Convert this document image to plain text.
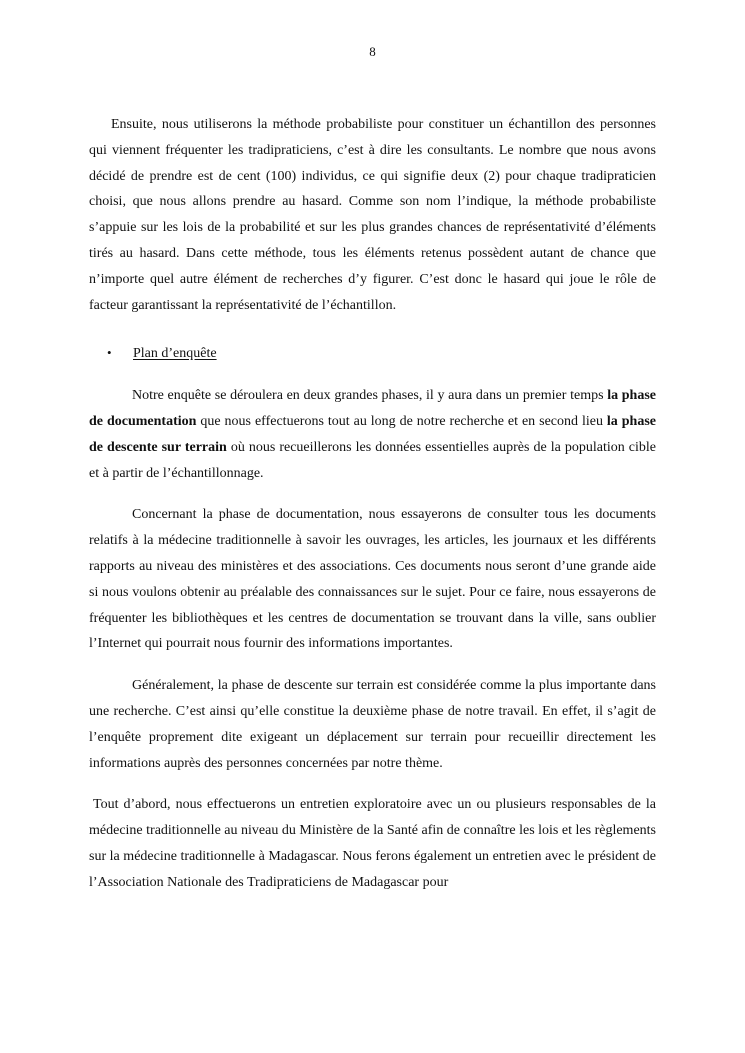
8

Ensuite, nous utiliserons la méthode probabiliste pour constituer un échantillon des personnes qui viennent fréquenter les tradipraticiens, c’est à dire les consultants. Le nombre que nous avons décidé de prendre est de cent (100) individus, ce qui signifie deux (2) pour chaque tradipraticien choisi, que nous allons prendre au hasard. Comme son nom l’indique, la méthode probabiliste s’appuie sur les lois de la probabilité et sur les plus grandes chances de représentativité d’éléments tirés au hasard. Dans cette méthode, tous les éléments retenus possèdent autant de chance que n’importe quel autre élément de recherches d’y figurer. C’est donc le hasard qui joue le rôle de facteur garantissant la représentativité de l’échantillon.

•	Plan d’enquête

Notre enquête se déroulera en deux grandes phases, il y aura dans un premier temps la phase de documentation que nous effectuerons tout au long de notre recherche et en second lieu la phase de descente sur terrain où nous recueillerons les données essentielles auprès de la population cible et à partir de l’échantillonnage.

Concernant la phase de documentation, nous essayerons de consulter tous les documents relatifs à la médecine traditionnelle à savoir les ouvrages, les articles, les journaux et les différents rapports au niveau des ministères et des associations. Ces documents nous seront d’une grande aide si nous voulons obtenir au préalable des connaissances sur le sujet. Pour ce faire, nous essayerons de fréquenter les bibliothèques et les centres de documentation se trouvant dans la ville, sans oublier l’Internet qui pourrait nous fournir des informations importantes.

Généralement, la phase de descente sur terrain est considérée comme la plus importante dans une recherche. C’est ainsi qu’elle constitue la deuxième phase de notre travail. En effet, il s’agit de l’enquête proprement dite exigeant un déplacement sur terrain pour recueillir directement les informations auprès des personnes concernées par notre thème.

Tout d’abord, nous effectuerons un entretien exploratoire avec un ou plusieurs responsables de la médecine traditionnelle au niveau du Ministère de la Santé afin de connaître les lois et les règlements sur la médecine traditionnelle à Madagascar. Nous ferons également un entretien avec le président de l’Association Nationale des Tradipraticiens de Madagascar pour
